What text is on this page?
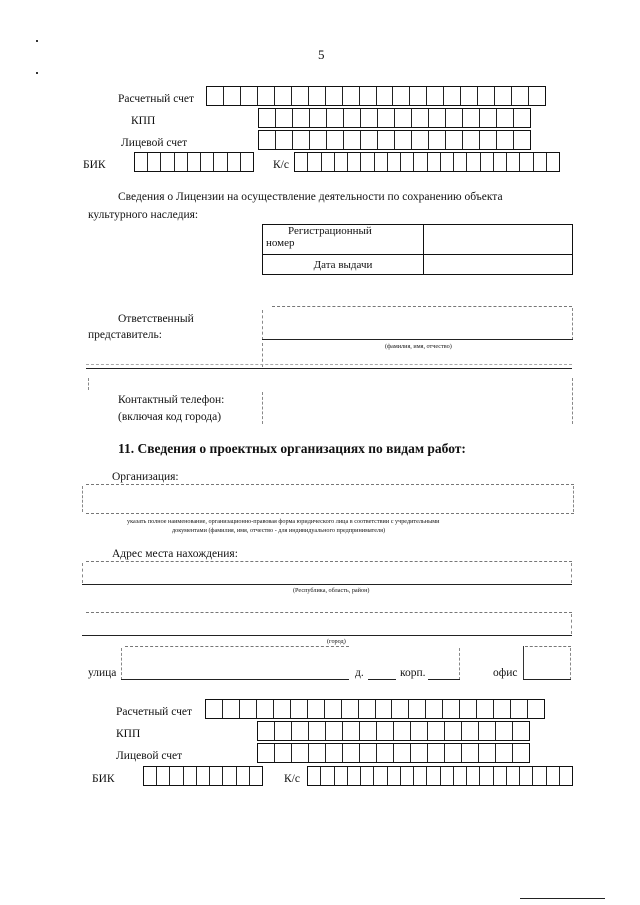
5
Расчетный счет
КПП
Лицевой счет
БИК	К/с
Сведения о Лицензии на осуществление деятельности по сохранению объекта
культурного наследия:
Регистрационный
номер	

Дата выдачи	
Ответственный
представитель:
(фамилия, имя, отчество)
Контактный телефон:
(включая код города)
11. Сведения о проектных организациях по видам работ:
Организация:
указать полное наименование, организационно-правовая форма юридического лица в соответствии с учредительными
документами (фамилия, имя, отчество - для индивидуального предпринимателя)
Адрес места нахождения:
(Республика, область, район)
(город)
улица	д.	корп.	офис
Расчетный счет
КПП
Лицевой счет
БИК	К/с
